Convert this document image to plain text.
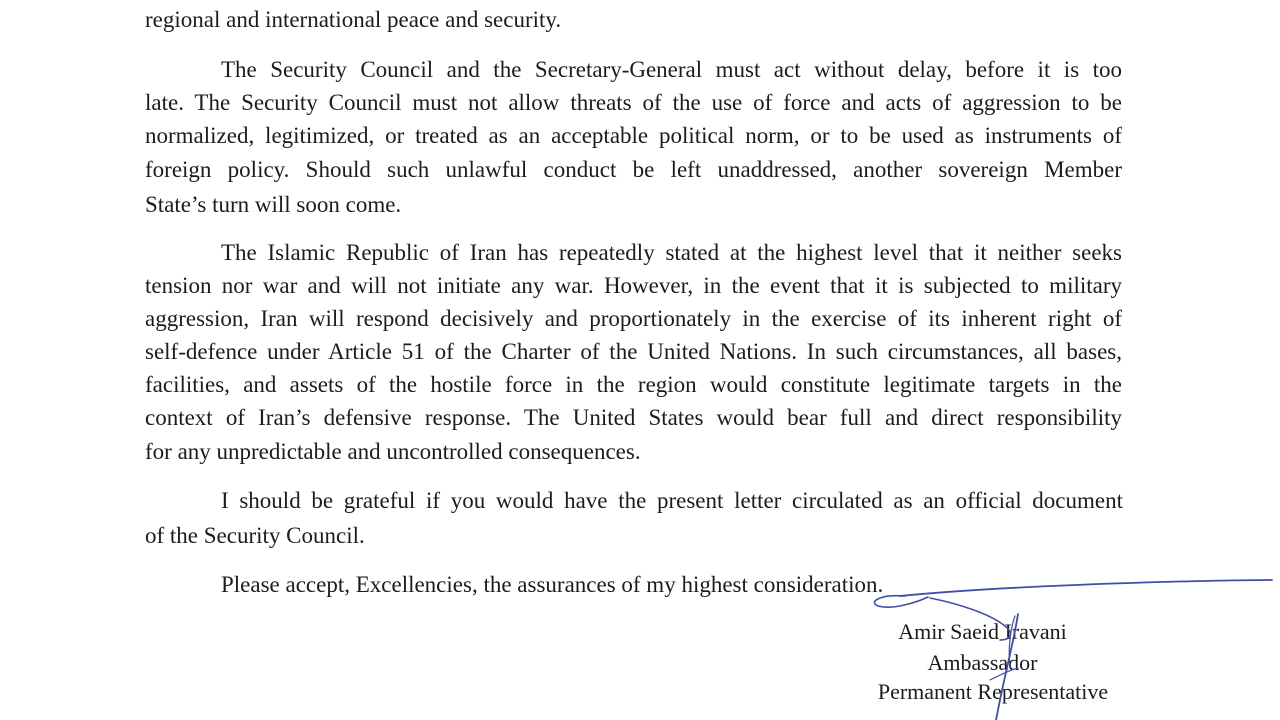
regional and international peace and security.
The Security Council and the Secretary-General must act without delay, before it is too
late. The Security Council must not allow threats of the use of force and acts of aggression to be
normalized, legitimized, or treated as an acceptable political norm, or to be used as instruments of
foreign policy. Should such unlawful conduct be left unaddressed, another sovereign Member
State’s turn will soon come.
The Islamic Republic of Iran has repeatedly stated at the highest level that it neither seeks
tension nor war and will not initiate any war. However, in the event that it is subjected to military
aggression, Iran will respond decisively and proportionately in the exercise of its inherent right of
self-defence under Article 51 of the Charter of the United Nations. In such circumstances, all bases,
facilities, and assets of the hostile force in the region would constitute legitimate targets in the
context of Iran’s defensive response. The United States would bear full and direct responsibility
for any unpredictable and uncontrolled consequences.
I should be grateful if you would have the present letter circulated as an official document
of the Security Council.
Please accept, Excellencies, the assurances of my highest consideration.
Amir Saeid Iravani
Ambassador
Permanent Representative
